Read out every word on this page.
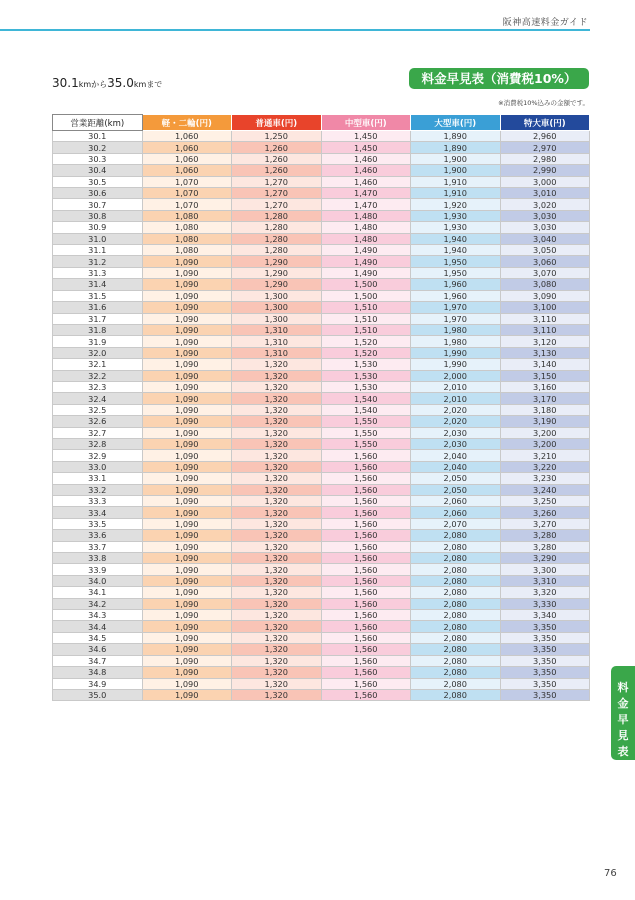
阪神高速料金ガイド
30.1kmから35.0kmまで	料金早見表（消費税10%）
※消費税10%込みの金額です。
営業距離(km)	軽・二輪(円)	普通車(円)	中型車(円)	大型車(円)	特大車(円)
30.1	1,060	1,250	1,450	1,890	2,960
30.2	1,060	1,260	1,450	1,890	2,970
30.3	1,060	1,260	1,460	1,900	2,980
30.4	1,060	1,260	1,460	1,900	2,990
30.5	1,070	1,270	1,460	1,910	3,000
30.6	1,070	1,270	1,470	1,910	3,010
30.7	1,070	1,270	1,470	1,920	3,020
30.8	1,080	1,280	1,480	1,930	3,030
30.9	1,080	1,280	1,480	1,930	3,030
31.0	1,080	1,280	1,480	1,940	3,040
31.1	1,080	1,280	1,490	1,940	3,050
31.2	1,090	1,290	1,490	1,950	3,060
31.3	1,090	1,290	1,490	1,950	3,070
31.4	1,090	1,290	1,500	1,960	3,080
31.5	1,090	1,300	1,500	1,960	3,090
31.6	1,090	1,300	1,510	1,970	3,100
31.7	1,090	1,300	1,510	1,970	3,110
31.8	1,090	1,310	1,510	1,980	3,110
31.9	1,090	1,310	1,520	1,980	3,120
32.0	1,090	1,310	1,520	1,990	3,130
32.1	1,090	1,320	1,530	1,990	3,140
32.2	1,090	1,320	1,530	2,000	3,150
32.3	1,090	1,320	1,530	2,010	3,160
32.4	1,090	1,320	1,540	2,010	3,170
32.5	1,090	1,320	1,540	2,020	3,180
32.6	1,090	1,320	1,550	2,020	3,190
32.7	1,090	1,320	1,550	2,030	3,200
32.8	1,090	1,320	1,550	2,030	3,200
32.9	1,090	1,320	1,560	2,040	3,210
33.0	1,090	1,320	1,560	2,040	3,220
33.1	1,090	1,320	1,560	2,050	3,230
33.2	1,090	1,320	1,560	2,050	3,240
33.3	1,090	1,320	1,560	2,060	3,250
33.4	1,090	1,320	1,560	2,060	3,260
33.5	1,090	1,320	1,560	2,070	3,270
33.6	1,090	1,320	1,560	2,080	3,280
33.7	1,090	1,320	1,560	2,080	3,280
33.8	1,090	1,320	1,560	2,080	3,290
33.9	1,090	1,320	1,560	2,080	3,300
34.0	1,090	1,320	1,560	2,080	3,310
34.1	1,090	1,320	1,560	2,080	3,320
34.2	1,090	1,320	1,560	2,080	3,330
34.3	1,090	1,320	1,560	2,080	3,340
34.4	1,090	1,320	1,560	2,080	3,350
34.5	1,090	1,320	1,560	2,080	3,350
34.6	1,090	1,320	1,560	2,080	3,350
34.7	1,090	1,320	1,560	2,080	3,350
34.8	1,090	1,320	1,560	2,080	3,350
34.9	1,090	1,320	1,560	2,080	3,350
35.0	1,090	1,320	1,560	2,080	3,350
料
金
早
見
表
76
